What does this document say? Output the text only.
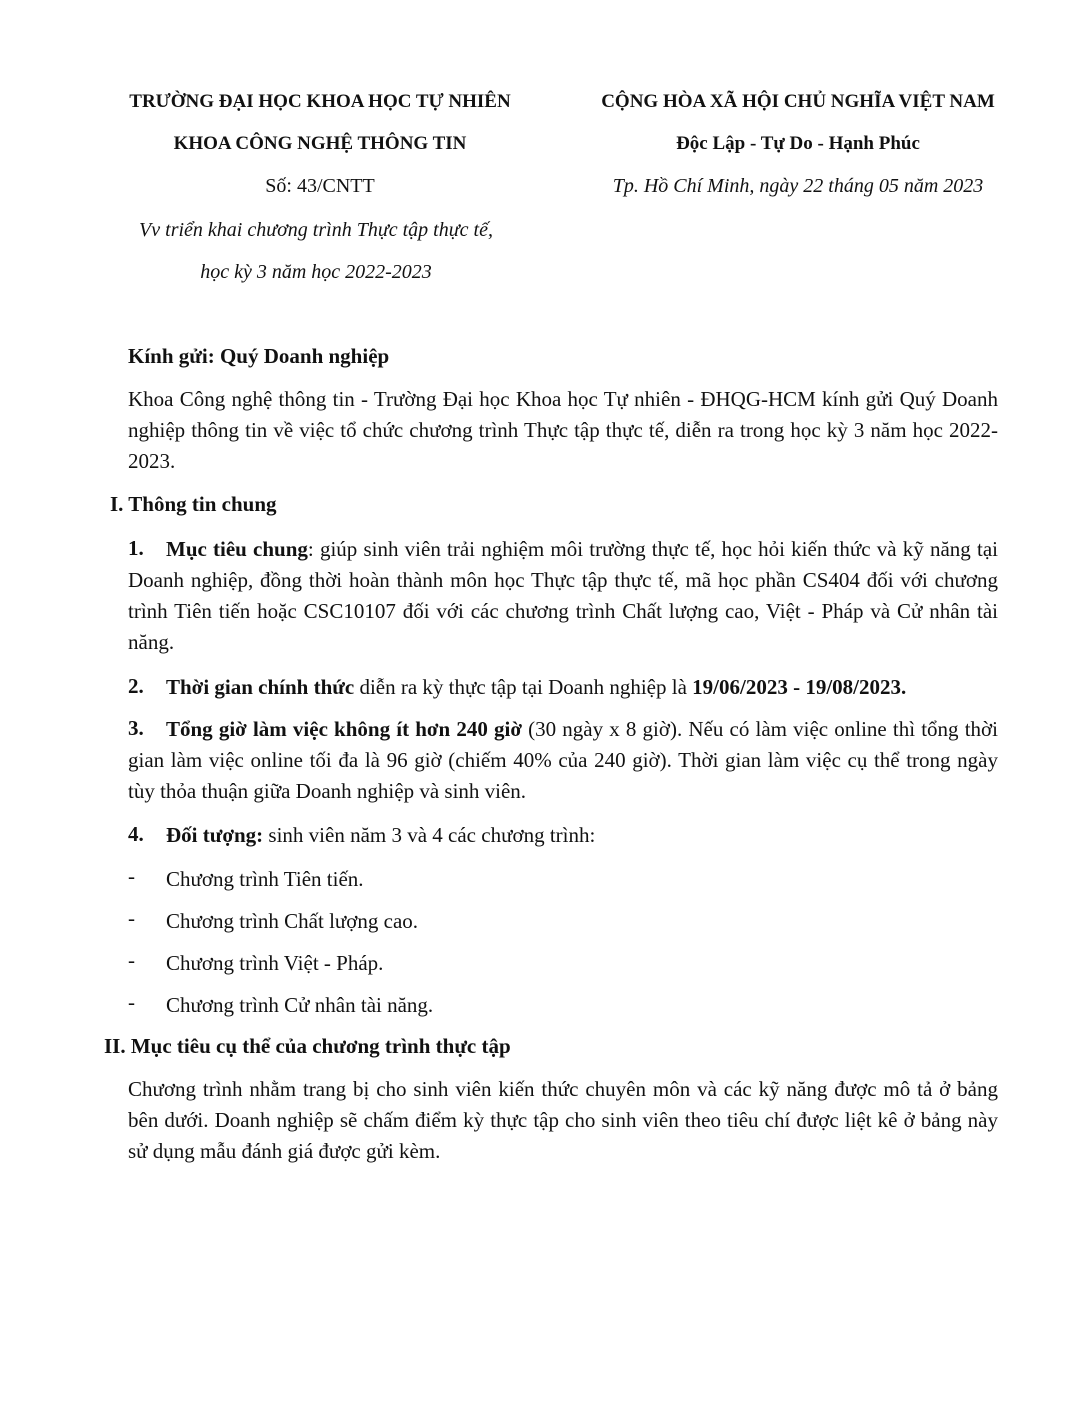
TRƯỜNG ĐẠI HỌC KHOA HỌC TỰ NHIÊN
KHOA CÔNG NGHỆ THÔNG TIN
Số: 43/CNTT
Vv triển khai chương trình Thực tập thực tế,
học kỳ 3 năm học 2022-2023
CỘNG HÒA XÃ HỘI CHỦ NGHĨA VIỆT NAM
Độc Lập - Tự Do - Hạnh Phúc
Tp. Hồ Chí Minh, ngày 22 tháng 05 năm 2023
Kính gửi: Quý Doanh nghiệp
Khoa Công nghệ thông tin - Trường Đại học Khoa học Tự nhiên - ĐHQG-HCM kính gửi Quý Doanh nghiệp thông tin về việc tổ chức chương trình Thực tập thực tế, diễn ra trong học kỳ 3 năm học 2022-2023.
I. Thông tin chung
1.	Mục tiêu chung: giúp sinh viên trải nghiệm môi trường thực tế, học hỏi kiến thức và kỹ năng tại Doanh nghiệp, đồng thời hoàn thành môn học Thực tập thực tế, mã học phần CS404 đối với chương trình Tiên tiến hoặc CSC10107 đối với các chương trình Chất lượng cao, Việt - Pháp và Cử nhân tài năng.
2.	Thời gian chính thức diễn ra kỳ thực tập tại Doanh nghiệp là 19/06/2023 - 19/08/2023.
3.	Tổng giờ làm việc không ít hơn 240 giờ (30 ngày x 8 giờ). Nếu có làm việc online thì tổng thời gian làm việc online tối đa là 96 giờ (chiếm 40% của 240 giờ). Thời gian làm việc cụ thể trong ngày tùy thỏa thuận giữa Doanh nghiệp và sinh viên.
4.	Đối tượng: sinh viên năm 3 và 4 các chương trình:
- Chương trình Tiên tiến.
- Chương trình Chất lượng cao.
- Chương trình Việt - Pháp.
- Chương trình Cử nhân tài năng.
II. Mục tiêu cụ thể của chương trình thực tập
Chương trình nhằm trang bị cho sinh viên kiến thức chuyên môn và các kỹ năng được mô tả ở bảng bên dưới. Doanh nghiệp sẽ chấm điểm kỳ thực tập cho sinh viên theo tiêu chí được liệt kê ở bảng này sử dụng mẫu đánh giá được gửi kèm.
